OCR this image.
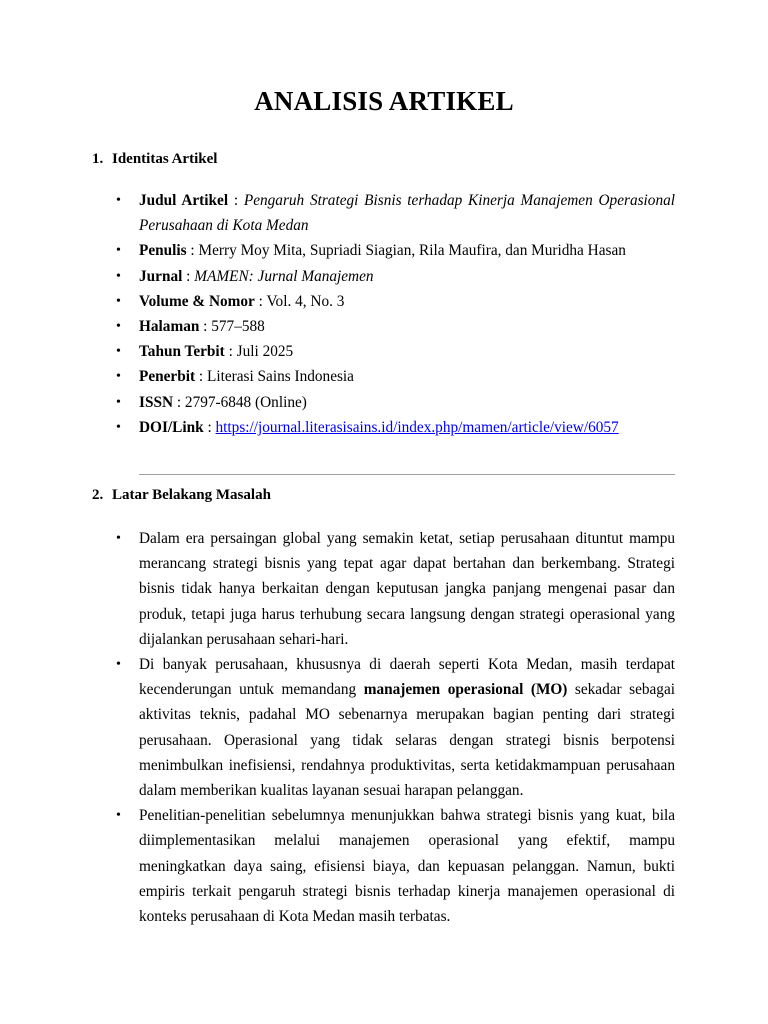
ANALISIS ARTIKEL
1. Identitas Artikel
• Judul Artikel : Pengaruh Strategi Bisnis terhadap Kinerja Manajemen Operasional Perusahaan di Kota Medan
• Penulis : Merry Moy Mita, Supriadi Siagian, Rila Maufira, dan Muridha Hasan
• Jurnal : MAMEN: Jurnal Manajemen
• Volume & Nomor : Vol. 4, No. 3
• Halaman : 577–588
• Tahun Terbit : Juli 2025
• Penerbit : Literasi Sains Indonesia
• ISSN : 2797-6848 (Online)
• DOI/Link : https://journal.literasisains.id/index.php/mamen/article/view/6057
2. Latar Belakang Masalah
• Dalam era persaingan global yang semakin ketat, setiap perusahaan dituntut mampu merancang strategi bisnis yang tepat agar dapat bertahan dan berkembang. Strategi bisnis tidak hanya berkaitan dengan keputusan jangka panjang mengenai pasar dan produk, tetapi juga harus terhubung secara langsung dengan strategi operasional yang dijalankan perusahaan sehari-hari.
• Di banyak perusahaan, khususnya di daerah seperti Kota Medan, masih terdapat kecenderungan untuk memandang manajemen operasional (MO) sekadar sebagai aktivitas teknis, padahal MO sebenarnya merupakan bagian penting dari strategi perusahaan. Operasional yang tidak selaras dengan strategi bisnis berpotensi menimbulkan inefisiensi, rendahnya produktivitas, serta ketidakmampuan perusahaan dalam memberikan kualitas layanan sesuai harapan pelanggan.
• Penelitian-penelitian sebelumnya menunjukkan bahwa strategi bisnis yang kuat, bila diimplementasikan melalui manajemen operasional yang efektif, mampu meningkatkan daya saing, efisiensi biaya, dan kepuasan pelanggan. Namun, bukti empiris terkait pengaruh strategi bisnis terhadap kinerja manajemen operasional di konteks perusahaan di Kota Medan masih terbatas.
